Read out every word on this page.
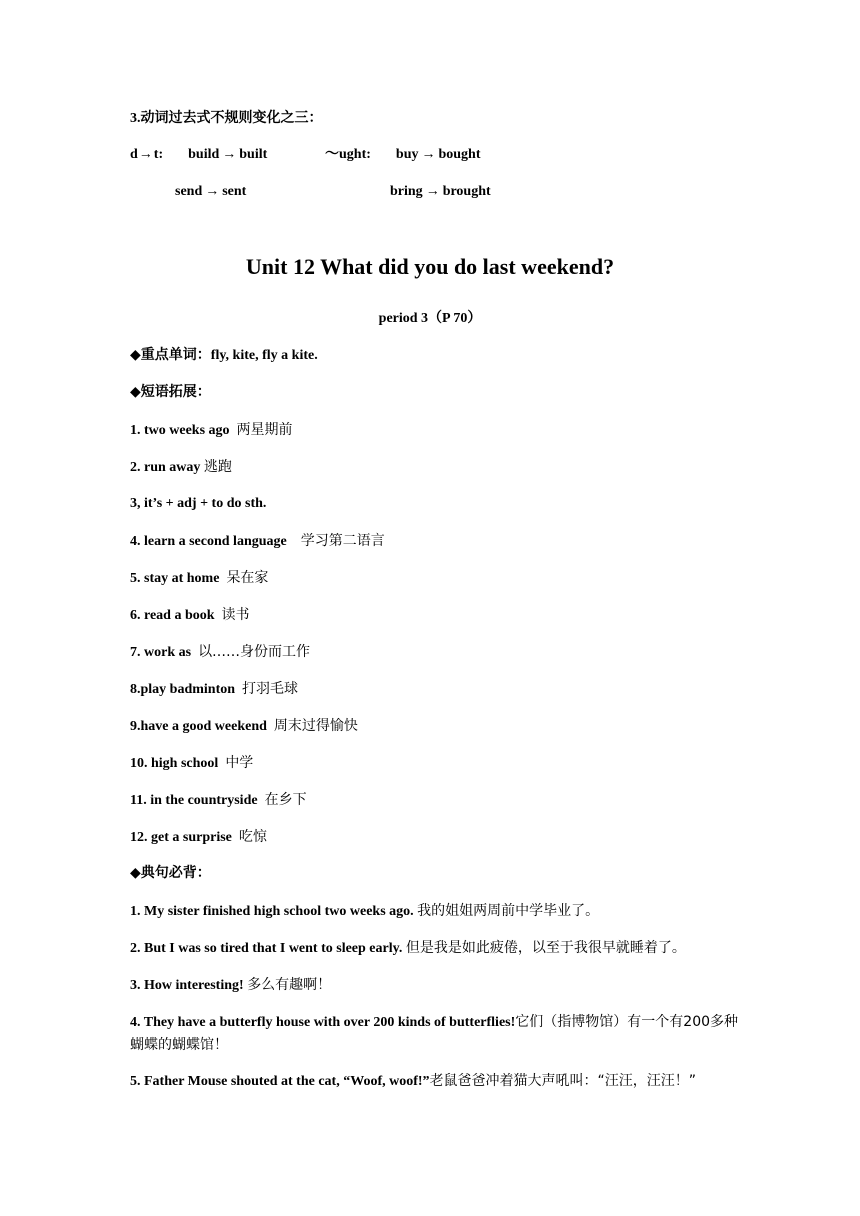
3.动词过去式不规则变化之三：
d→t: build → built	～ught: buy → bought
send → sent	bring → brought
Unit 12 What did you do last weekend?
period 3（P 70）
◆重点单词：fly, kite, fly a kite.
◆短语拓展：
1. two weeks ago 两星期前
2. run away 逃跑
3, it’s + adj + to do sth.
4. learn a second language 学习第二语言
5. stay at home 呆在家
6. read a book 读书
7. work as 以……身份而工作
8.play badminton 打羽毛球
9.have a good weekend 周末过得愉快
10. high school 中学
11. in the countryside 在乡下
12. get a surprise 吃惊
◆典句必背：
1. My sister finished high school two weeks ago. 我的姐姐两周前中学毕业了。
2. But I was so tired that I went to sleep early. 但是我是如此疲倦，以至于我很早就睡着了。
3. How interesting! 多么有趣啊！
4. They have a butterfly house with over 200 kinds of butterflies!它们（指博物馆）有一个有200多种蝴蝶的蝴蝶馆！
5. Father Mouse shouted at the cat, “Woof, woof!”老鼠爸爸冲着猫大声吼叫：“汪汪，汪汪！”
